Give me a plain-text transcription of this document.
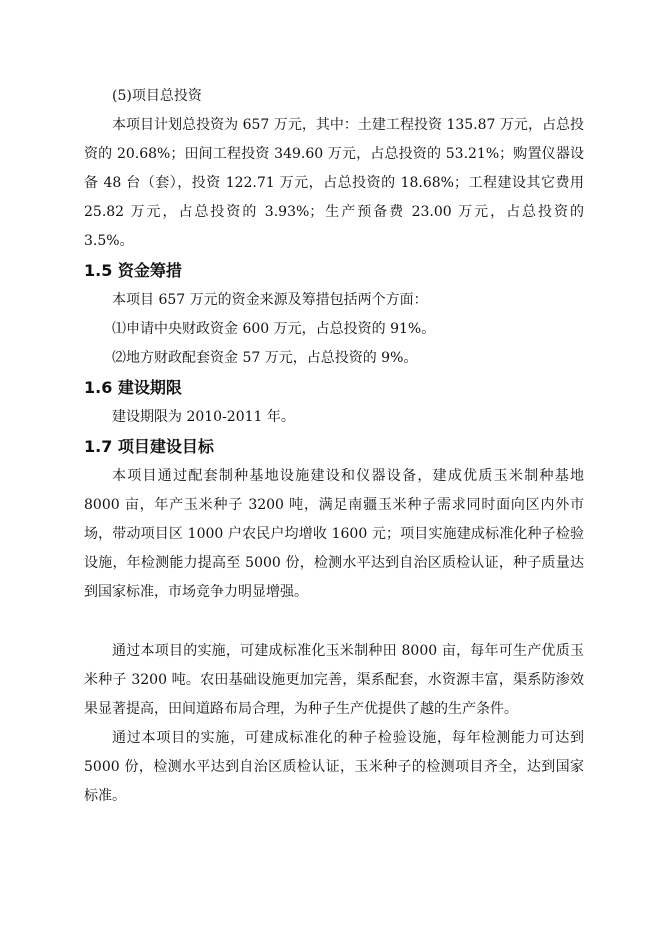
(5)项目总投资

本项目计划总投资为 657 万元，其中：土建工程投资 135.87 万元，占总投资的 20.68%；田间工程投资 349.60 万元，占总投资的 53.21%；购置仪器设备 48 台（套），投资 122.71 万元，占总投资的 18.68%；工程建设其它费用 25.82 万元，占总投资的 3.93%；生产预备费 23.00 万元，占总投资的 3.5%。

1.5 资金筹措

本项目 657 万元的资金来源及筹措包括两个方面：

⑴申请中央财政资金 600 万元，占总投资的 91%。

⑵地方财政配套资金 57 万元，占总投资的 9%。

1.6 建设期限

建设期限为 2010-2011 年。

1.7 项目建设目标

本项目通过配套制种基地设施建设和仪器设备，建成优质玉米制种基地 8000 亩，年产玉米种子 3200 吨，满足南疆玉米种子需求同时面向区内外市场，带动项目区 1000 户农民户均增收 1600 元；项目实施建成标准化种子检验设施，年检测能力提高至 5000 份，检测水平达到自治区质检认证，种子质量达到国家标准，市场竞争力明显增强。

通过本项目的实施，可建成标准化玉米制种田 8000 亩，每年可生产优质玉米种子 3200 吨。农田基础设施更加完善，渠系配套，水资源丰富，渠系防渗效果显著提高，田间道路布局合理，为种子生产优提供了越的生产条件。

通过本项目的实施，可建成标准化的种子检验设施，每年检测能力可达到 5000 份，检测水平达到自治区质检认证，玉米种子的检测项目齐全，达到国家标准。
